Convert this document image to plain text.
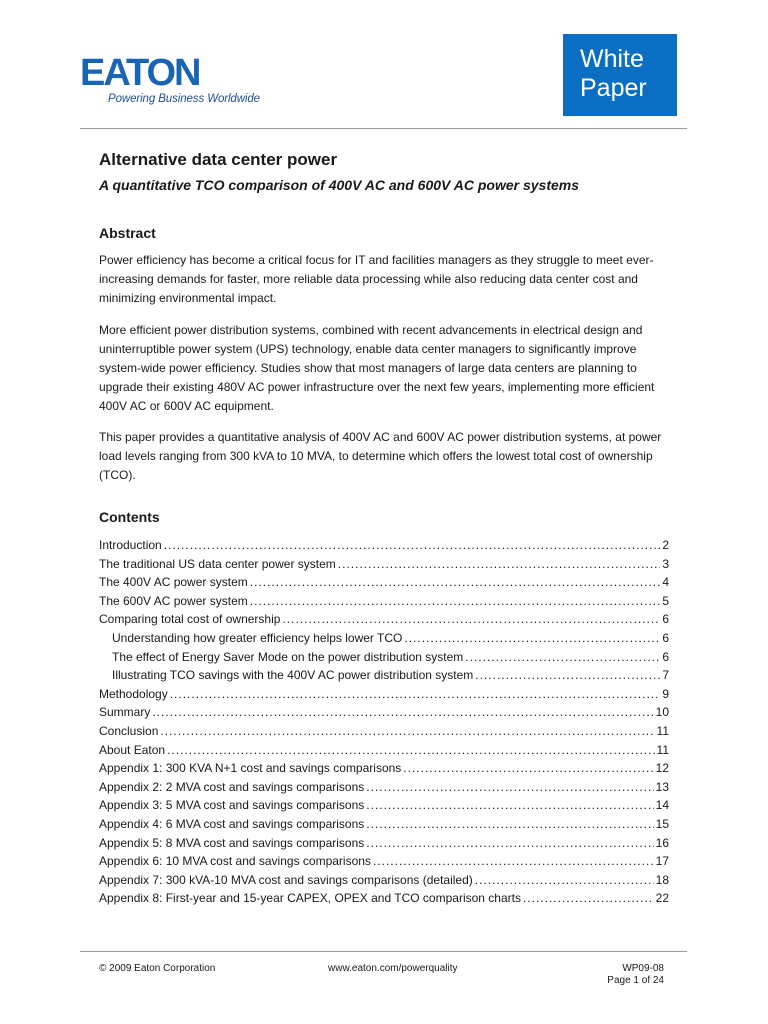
EATON
Powering Business Worldwide
White
Paper
Alternative data center power
A quantitative TCO comparison of 400V AC and 600V AC power systems
Abstract

Power efficiency has become a critical focus for IT and facilities managers as they struggle to meet ever-increasing demands for faster, more reliable data processing while also reducing data center cost and minimizing environmental impact.

More efficient power distribution systems, combined with recent advancements in electrical design and uninterruptible power system (UPS) technology, enable data center managers to significantly improve system-wide power efficiency. Studies show that most managers of large data centers are planning to upgrade their existing 480V AC power infrastructure over the next few years, implementing more efficient 400V AC or 600V AC equipment.

This paper provides a quantitative analysis of 400V AC and 600V AC power distribution systems, at power load levels ranging from 300 kVA to 10 MVA, to determine which offers the lowest total cost of ownership (TCO).

Contents
Introduction .....	2
The traditional US data center power system .....	3
The 400V AC power system .....	4
The 600V AC power system .....	5
Comparing total cost of ownership .....	6
Understanding how greater efficiency helps lower TCO .....	6
The effect of Energy Saver Mode on the power distribution system .....	6
Illustrating TCO savings with the 400V AC power distribution system .....	7
Methodology .....	9
Summary .....	10
Conclusion .....	11
About Eaton .....	11
Appendix 1: 300 KVA N+1 cost and savings comparisons .....	12
Appendix 2: 2 MVA cost and savings comparisons .....	13
Appendix 3: 5 MVA cost and savings comparisons .....	14
Appendix 4: 6 MVA cost and savings comparisons .....	15
Appendix 5: 8 MVA cost and savings comparisons .....	16
Appendix 6: 10 MVA cost and savings comparisons .....	17
Appendix 7: 300 kVA-10 MVA cost and savings comparisons (detailed) .....	18
Appendix 8: First-year and 15-year CAPEX, OPEX and TCO comparison charts .....	22
© 2009 Eaton Corporation	www.eaton.com/powerquality	WP09-08
Page 1 of 24
